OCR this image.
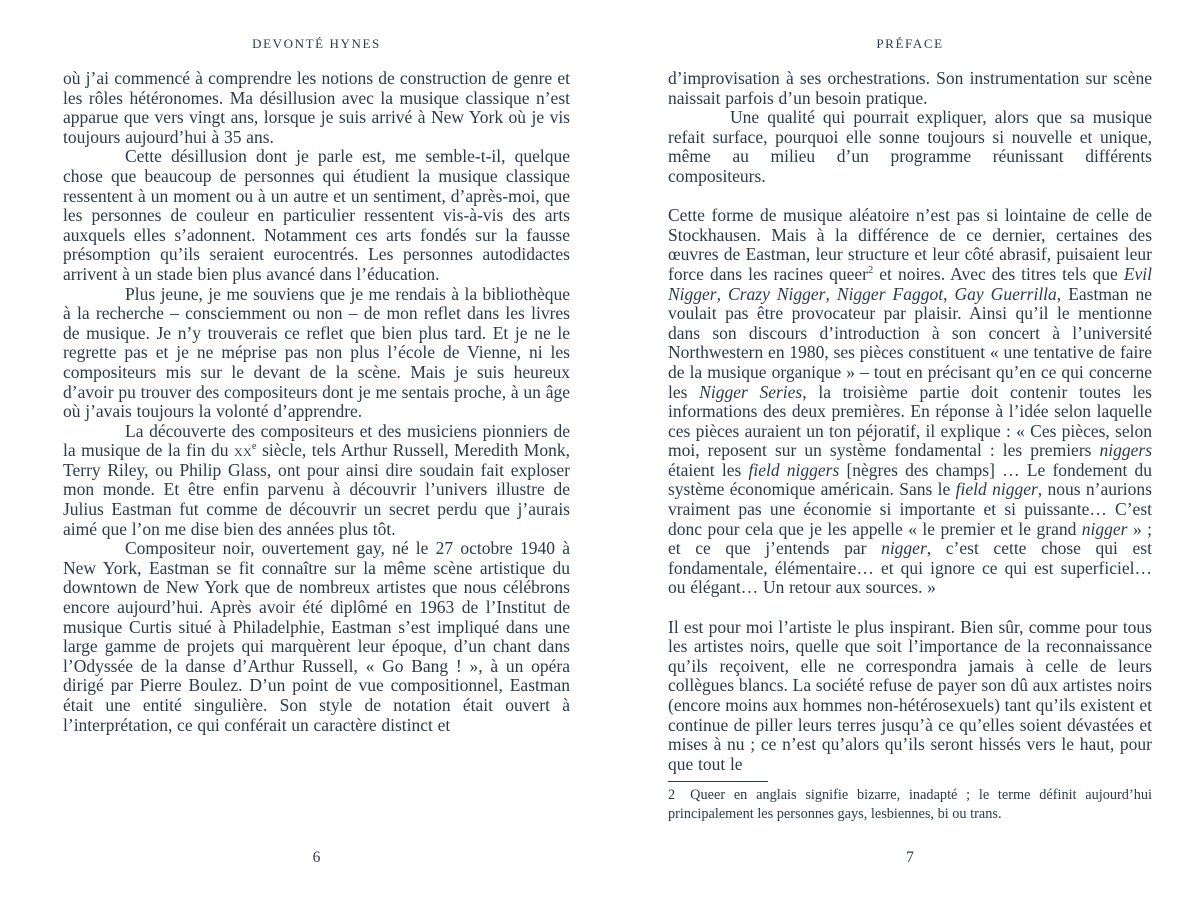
DEVONTÉ HYNES

où j’ai commencé à comprendre les notions de construction de genre et les rôles hétéronomes. Ma désillusion avec la musique classique n’est apparue que vers vingt ans, lorsque je suis arrivé à New York où je vis toujours aujourd’hui à 35 ans.

Cette désillusion dont je parle est, me semble-t-il, quelque chose que beaucoup de personnes qui étudient la musique classique ressentent à un moment ou à un autre et un sentiment, d’après-moi, que les personnes de couleur en particulier ressentent vis-à-vis des arts auxquels elles s’adonnent. Notamment ces arts fondés sur la fausse présomption qu’ils seraient eurocentrés. Les personnes autodidactes arrivent à un stade bien plus avancé dans l’éducation.

Plus jeune, je me souviens que je me rendais à la bibliothèque à la recherche – consciemment ou non – de mon reflet dans les livres de musique. Je n’y trouverais ce reflet que bien plus tard. Et je ne le regrette pas et je ne méprise pas non plus l’école de Vienne, ni les compositeurs mis sur le devant de la scène. Mais je suis heureux d’avoir pu trouver des compositeurs dont je me sentais proche, à un âge où j’avais toujours la volonté d’apprendre.

La découverte des compositeurs et des musiciens pionniers de la musique de la fin du $xx^e$ siècle, tels Arthur Russell, Meredith Monk, Terry Riley, ou Philip Glass, ont pour ainsi dire soudain fait exploser mon monde. Et être enfin parvenu à découvrir l’univers illustre de Julius Eastman fut comme de découvrir un secret perdu que j’aurais aimé que l’on me dise bien des années plus tôt.

Compositeur noir, ouvertement gay, né le 27 octobre 1940 à New York, Eastman se fit connaître sur la même scène artistique du downtown de New York que de nombreux artistes que nous célébrons encore aujourd’hui. Après avoir été diplômé en 1963 de l’Institut de musique Curtis situé à Philadelphie, Eastman s’est impliqué dans une large gamme de projets qui marquèrent leur époque, d’un chant dans l’Odyssée de la danse d’Arthur Russell, « Go Bang ! », à un opéra dirigé par Pierre Boulez. D’un point de vue compositionnel, Eastman était une entité singulière. Son style de notation était ouvert à l’interprétation, ce qui conférait un caractère distinct et

6
PRÉFACE

d’improvisation à ses orchestrations. Son instrumentation sur scène naissait parfois d’un besoin pratique.

Une qualité qui pourrait expliquer, alors que sa musique refait surface, pourquoi elle sonne toujours si nouvelle et unique, même au milieu d’un programme réunissant différents compositeurs.

Cette forme de musique aléatoire n’est pas si lointaine de celle de Stockhausen. Mais à la différence de ce dernier, certaines des œuvres de Eastman, leur structure et leur côté abrasif, puisaient leur force dans les racines queer$^2$ et noires. Avec des titres tels que Evil Nigger, Crazy Nigger, Nigger Faggot, Gay Guerrilla, Eastman ne voulait pas être provocateur par plaisir. Ainsi qu’il le mentionne dans son discours d’introduction à son concert à l’université Northwestern en 1980, ses pièces constituent « une tentative de faire de la musique organique » – tout en précisant qu’en ce qui concerne les Nigger Series, la troisième partie doit contenir toutes les informations des deux premières. En réponse à l’idée selon laquelle ces pièces auraient un ton péjoratif, il explique : « Ces pièces, selon moi, reposent sur un système fondamental : les premiers niggers étaient les field niggers [nègres des champs] … Le fondement du système économique américain. Sans le field nigger, nous n’aurions vraiment pas une économie si importante et si puissante… C’est donc pour cela que je les appelle « le premier et le grand nigger » ; et ce que j’entends par nigger, c’est cette chose qui est fondamentale, élémentaire… et qui ignore ce qui est superficiel… ou élégant… Un retour aux sources. »

Il est pour moi l’artiste le plus inspirant. Bien sûr, comme pour tous les artistes noirs, quelle que soit l’importance de la reconnaissance qu’ils reçoivent, elle ne correspondra jamais à celle de leurs collègues blancs. La société refuse de payer son dû aux artistes noirs (encore moins aux hommes non-hétérosexuels) tant qu’ils existent et continue de piller leurs terres jusqu’à ce qu’elles soient dévastées et mises à nu ; ce n’est qu’alors qu’ils seront hissés vers le haut, pour que tout le

2 Queer en anglais signifie bizarre, inadapté ; le terme définit aujourd’hui principalement les personnes gays, lesbiennes, bi ou trans.

7
